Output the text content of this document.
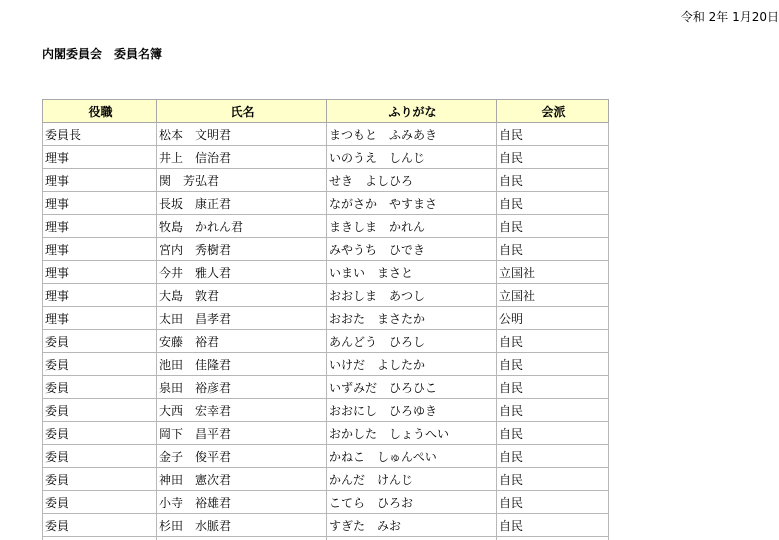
令和 2年 1月20日
内閣委員会　委員名簿
役職	氏名	ふりがな	会派
委員長	松本　文明君	まつもと　ふみあき	自民
理事	井上　信治君	いのうえ　しんじ	自民
理事	関　芳弘君	せき　よしひろ	自民
理事	長坂　康正君	ながさか　やすまさ	自民
理事	牧島　かれん君	まきしま　かれん	自民
理事	宮内　秀樹君	みやうち　ひでき	自民
理事	今井　雅人君	いまい　まさと	立国社
理事	大島　敦君	おおしま　あつし	立国社
理事	太田　昌孝君	おおた　まさたか	公明
委員	安藤　裕君	あんどう　ひろし	自民
委員	池田　佳隆君	いけだ　よしたか	自民
委員	泉田　裕彦君	いずみだ　ひろひこ	自民
委員	大西　宏幸君	おおにし　ひろゆき	自民
委員	岡下　昌平君	おかした　しょうへい	自民
委員	金子　俊平君	かねこ　しゅんぺい	自民
委員	神田　憲次君	かんだ　けんじ	自民
委員	小寺　裕雄君	こてら　ひろお	自民
委員	杉田　水脈君	すぎた　みお	自民
